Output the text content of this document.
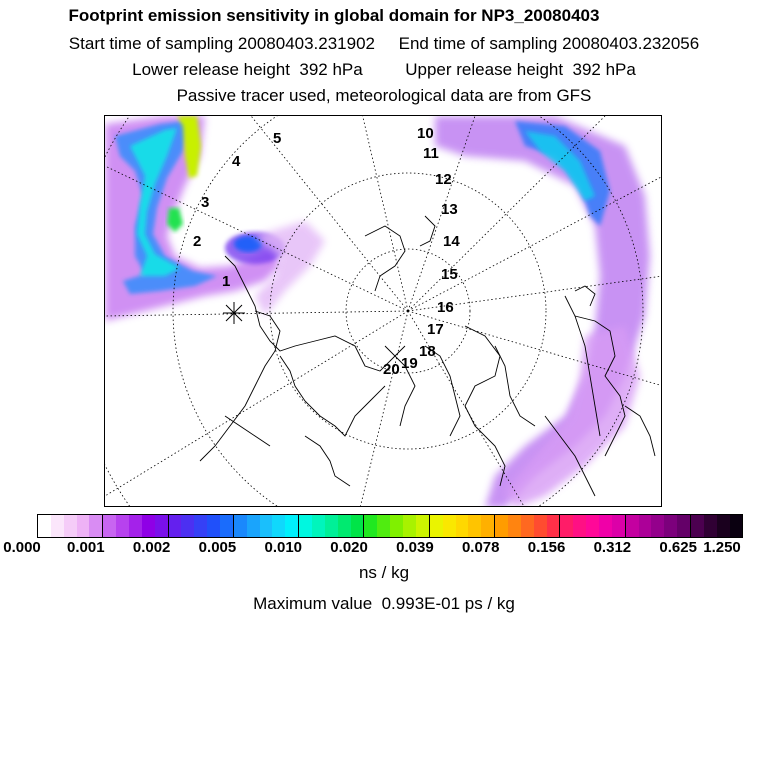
Footprint emission sensitivity in global domain for NP3_20080403
Start time of sampling 20080403.231902 End time of sampling 20080403.232056
Lower release height  392 hPa	Upper release height  392 hPa
Passive tracer used, meteorological data are from GFS
1
2
3
4
5	10
11
12
13
14
15
16
17
18
19
20
0.000 0.001 0.002 0.005 0.010 0.020 0.039 0.078 0.156 0.312 0.625 1.250
ns / kg
Maximum value  0.993E-01 ps / kg
